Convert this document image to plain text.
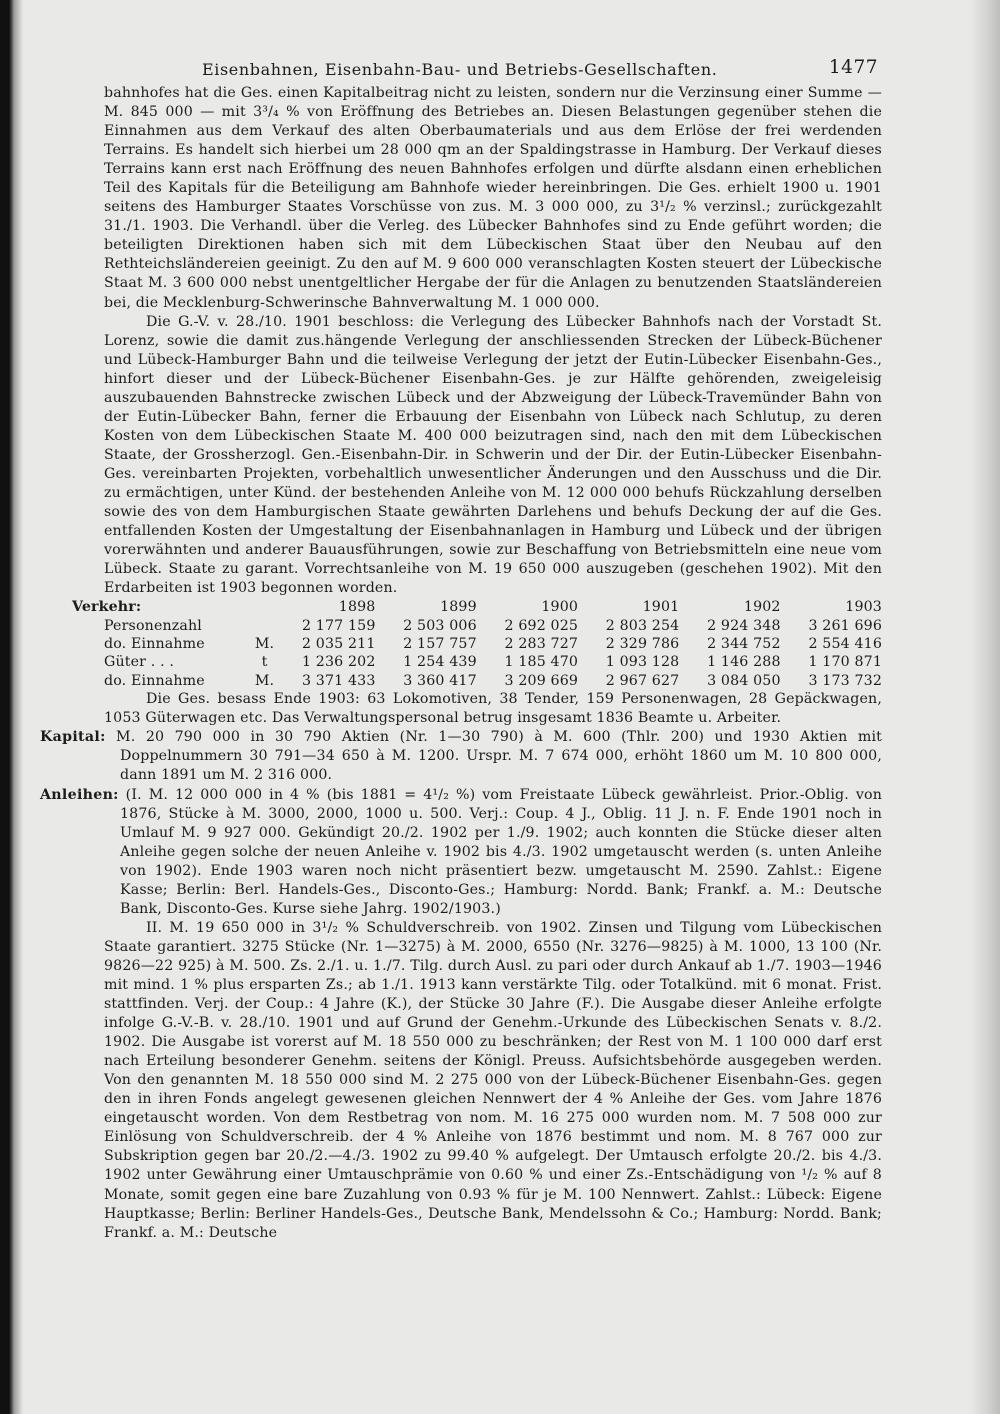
Eisenbahnen, Eisenbahn-Bau- und Betriebs-Gesellschaften.	1477

bahnhofes hat die Ges. einen Kapitalbeitrag nicht zu leisten, sondern nur die Verzinsung einer Summe — M. 845 000 — mit 3³/₄ % von Eröffnung des Betriebes an. Diesen Belastungen gegenüber stehen die Einnahmen aus dem Verkauf des alten Oberbaumaterials und aus dem Erlöse der frei werdenden Terrains. Es handelt sich hierbei um 28 000 qm an der Spaldingstrasse in Hamburg. Der Verkauf dieses Terrains kann erst nach Eröffnung des neuen Bahnhofes erfolgen und dürfte alsdann einen erheblichen Teil des Kapitals für die Beteiligung am Bahnhofe wieder hereinbringen. Die Ges. erhielt 1900 u. 1901 seitens des Hamburger Staates Vorschüsse von zus. M. 3 000 000, zu 3¹/₂ % verzinsl.; zurückgezahlt 31./1. 1903. Die Verhandl. über die Verleg. des Lübecker Bahnhofes sind zu Ende geführt worden; die beteiligten Direktionen haben sich mit dem Lübeckischen Staat über den Neubau auf den Rethteichsländereien geeinigt. Zu den auf M. 9 600 000 veranschlagten Kosten steuert der Lübeckische Staat M. 3 600 000 nebst unentgeltlicher Hergabe der für die Anlagen zu benutzenden Staatsländereien bei, die Mecklenburg-Schwerinsche Bahnverwaltung M. 1 000 000.

Die G.-V. v. 28./10. 1901 beschloss: die Verlegung des Lübecker Bahnhofs nach der Vorstadt St. Lorenz, sowie die damit zus.hängende Verlegung der anschliessenden Strecken der Lübeck-Büchener und Lübeck-Hamburger Bahn und die teilweise Verlegung der jetzt der Eutin-Lübecker Eisenbahn-Ges., hinfort dieser und der Lübeck-Büchener Eisenbahn-Ges. je zur Hälfte gehörenden, zweigeleisig auszubauenden Bahnstrecke zwischen Lübeck und der Abzweigung der Lübeck-Travemünder Bahn von der Eutin-Lübecker Bahn, ferner die Erbauung der Eisenbahn von Lübeck nach Schlutup, zu deren Kosten von dem Lübeckischen Staate M. 400 000 beizutragen sind, nach den mit dem Lübeckischen Staate, der Grossherzogl. Gen.-Eisenbahn-Dir. in Schwerin und der Dir. der Eutin-Lübecker Eisenbahn-Ges. vereinbarten Projekten, vorbehaltlich unwesentlicher Änderungen und den Ausschuss und die Dir. zu ermächtigen, unter Künd. der bestehenden Anleihe von M. 12 000 000 behufs Rückzahlung derselben sowie des von dem Hamburgischen Staate gewährten Darlehens und behufs Deckung der auf die Ges. entfallenden Kosten der Umgestaltung der Eisenbahnanlagen in Hamburg und Lübeck und der übrigen vorerwähnten und anderer Bauausführungen, sowie zur Beschaffung von Betriebsmitteln eine neue vom Lübeck. Staate zu garant. Vorrechtsanleihe von M. 19 650 000 auszugeben (geschehen 1902). Mit den Erdarbeiten ist 1903 begonnen worden.

Verkehr:		1898	1899	1900	1901	1902	1903
Personenzahl		2 177 159	2 503 006	2 692 025	2 803 254	2 924 348	3 261 696
do. Einnahme	M.	2 035 211	2 157 757	2 283 727	2 329 786	2 344 752	2 554 416
Güter . . .	t	1 236 202	1 254 439	1 185 470	1 093 128	1 146 288	1 170 871
do. Einnahme	M.	3 371 433	3 360 417	3 209 669	2 967 627	3 084 050	3 173 732

Die Ges. besass Ende 1903: 63 Lokomotiven, 38 Tender, 159 Personenwagen, 28 Gepäckwagen, 1053 Güterwagen etc. Das Verwaltungspersonal betrug insgesamt 1836 Beamte u. Arbeiter.

Kapital: M. 20 790 000 in 30 790 Aktien (Nr. 1—30 790) à M. 600 (Thlr. 200) und 1930 Aktien mit Doppelnummern 30 791—34 650 à M. 1200. Urspr. M. 7 674 000, erhöht 1860 um M. 10 800 000, dann 1891 um M. 2 316 000.

Anleihen: (I. M. 12 000 000 in 4 % (bis 1881 = 4¹/₂ %) vom Freistaate Lübeck gewährleist. Prior.-Oblig. von 1876, Stücke à M. 3000, 2000, 1000 u. 500. Verj.: Coup. 4 J., Oblig. 11 J. n. F. Ende 1901 noch in Umlauf M. 9 927 000. Gekündigt 20./2. 1902 per 1./9. 1902; auch konnten die Stücke dieser alten Anleihe gegen solche der neuen Anleihe v. 1902 bis 4./3. 1902 umgetauscht werden (s. unten Anleihe von 1902). Ende 1903 waren noch nicht präsentiert bezw. umgetauscht M. 2590. Zahlst.: Eigene Kasse; Berlin: Berl. Handels-Ges., Disconto-Ges.; Hamburg: Nordd. Bank; Frankf. a. M.: Deutsche Bank, Disconto-Ges. Kurse siehe Jahrg. 1902/1903.)

II. M. 19 650 000 in 3¹/₂ % Schuldverschreib. von 1902. Zinsen und Tilgung vom Lübeckischen Staate garantiert. 3275 Stücke (Nr. 1—3275) à M. 2000, 6550 (Nr. 3276—9825) à M. 1000, 13 100 (Nr. 9826—22 925) à M. 500. Zs. 2./1. u. 1./7. Tilg. durch Ausl. zu pari oder durch Ankauf ab 1./7. 1903—1946 mit mind. 1 % plus ersparten Zs.; ab 1./1. 1913 kann verstärkte Tilg. oder Totalkünd. mit 6 monat. Frist. stattfinden. Verj. der Coup.: 4 Jahre (K.), der Stücke 30 Jahre (F.). Die Ausgabe dieser Anleihe erfolgte infolge G.-V.-B. v. 28./10. 1901 und auf Grund der Genehm.-Urkunde des Lübeckischen Senats v. 8./2. 1902. Die Ausgabe ist vorerst auf M. 18 550 000 zu beschränken; der Rest von M. 1 100 000 darf erst nach Erteilung besonderer Genehm. seitens der Königl. Preuss. Aufsichtsbehörde ausgegeben werden. Von den genannten M. 18 550 000 sind M. 2 275 000 von der Lübeck-Büchener Eisenbahn-Ges. gegen den in ihren Fonds angelegt gewesenen gleichen Nennwert der 4 % Anleihe der Ges. vom Jahre 1876 eingetauscht worden. Von dem Restbetrag von nom. M. 16 275 000 wurden nom. M. 7 508 000 zur Einlösung von Schuldverschreib. der 4 % Anleihe von 1876 bestimmt und nom. M. 8 767 000 zur Subskription gegen bar 20./2.—4./3. 1902 zu 99.40 % aufgelegt. Der Umtausch erfolgte 20./2. bis 4./3. 1902 unter Gewährung einer Umtauschprämie von 0.60 % und einer Zs.-Entschädigung von ¹/₂ % auf 8 Monate, somit gegen eine bare Zuzahlung von 0.93 % für je M. 100 Nennwert. Zahlst.: Lübeck: Eigene Hauptkasse; Berlin: Berliner Handels-Ges., Deutsche Bank, Mendelssohn & Co.; Hamburg: Nordd. Bank; Frankf. a. M.: Deutsche
